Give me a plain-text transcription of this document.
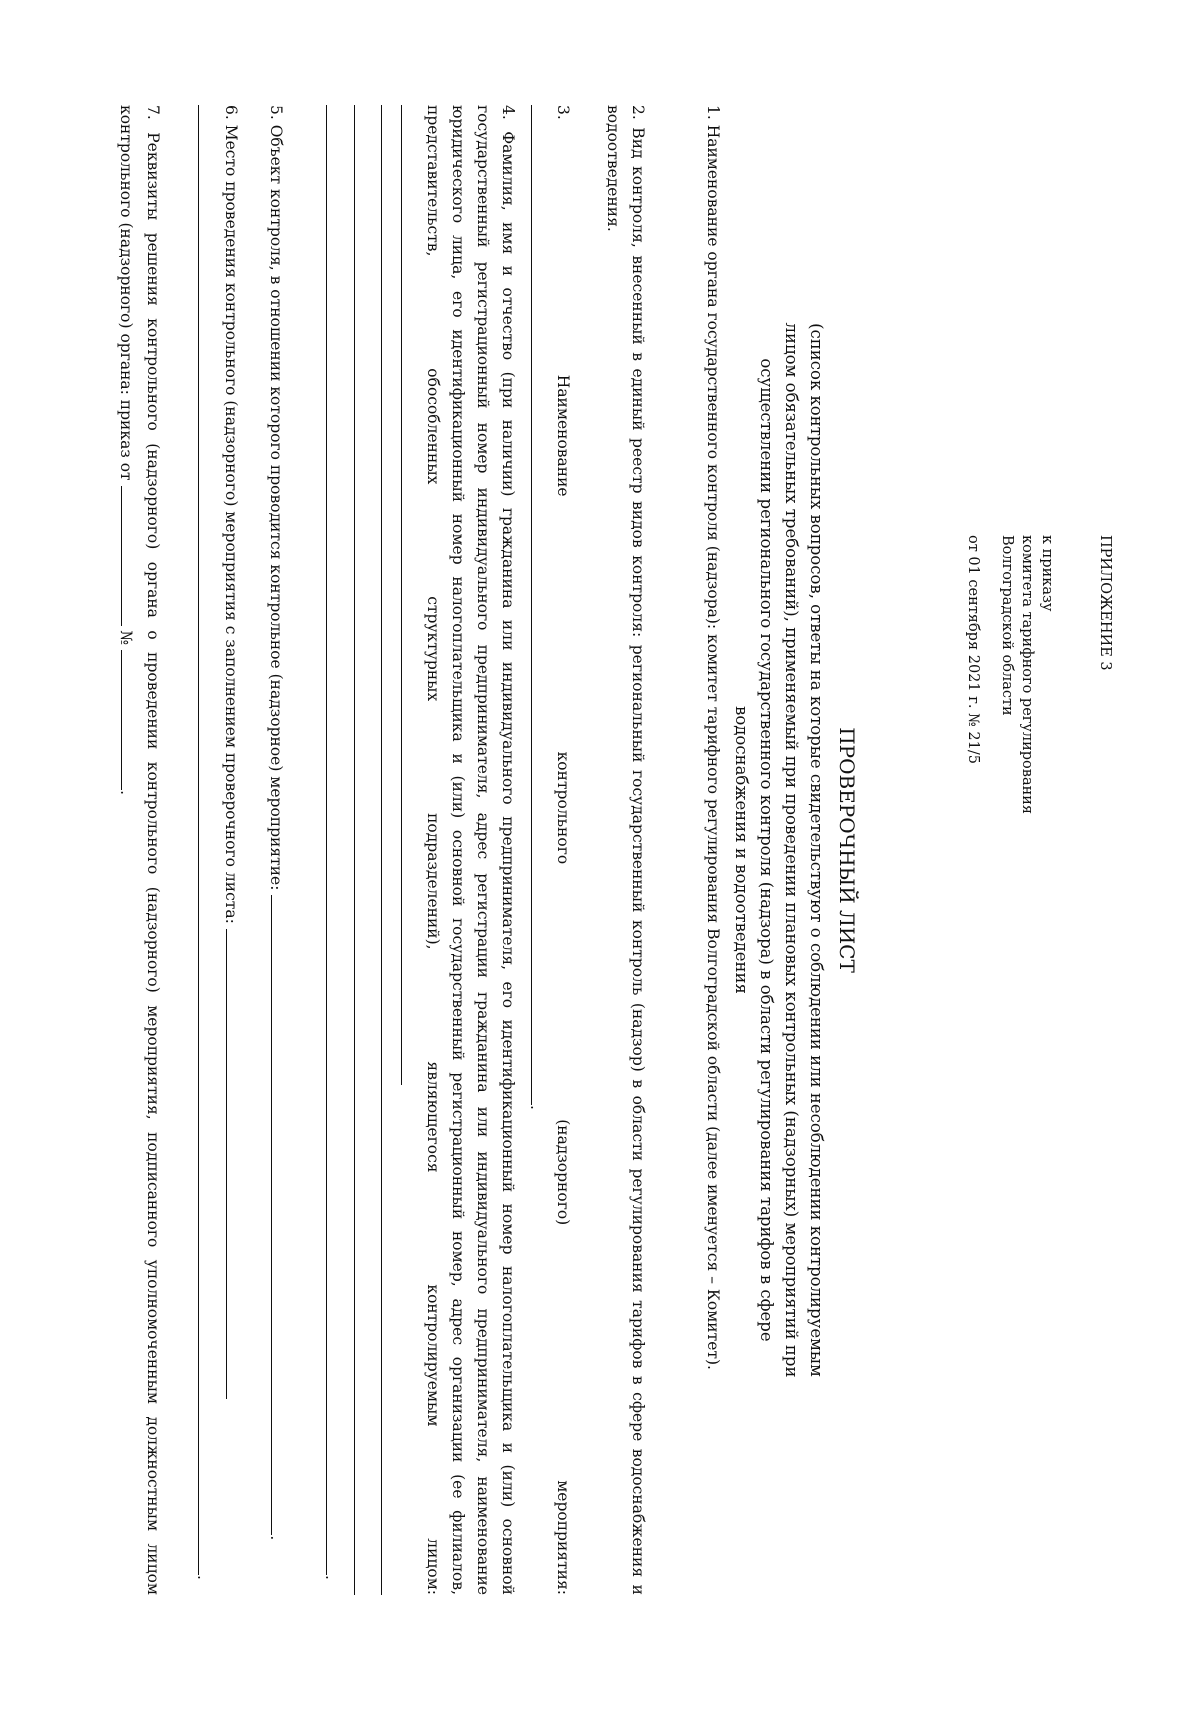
ПРИЛОЖЕНИЕ 3

к приказу

комитета тарифного регулирования

Волгоградской области

от 01 сентября 2021 г. № 21/5

ПРОВЕРОЧНЫЙ ЛИСТ
(список контрольных вопросов, ответы на которые свидетельствуют о соблюдении или несоблюдении контролируемым лицом обязательных требований), применяемый при проведении плановых контрольных (надзорных) мероприятий при осуществлении регионального государственного контроля (надзора) в области регулирования тарифов в сфере водоснабжения и водоотведения
1. Наименование органа государственного контроля (надзора): комитет тарифного регулирования Волгоградской области (далее именуется – Комитет).
2. Вид контроля, внесенный в единый реестр видов контроля: региональный государственный контроль (надзор) в области регулирования тарифов в сфере водоснабжения и водоотведения.
3. Наименование контрольного (надзорного) мероприятия: .
4. Фамилия, имя и отчество (при наличии) гражданина или индивидуального предпринимателя, его идентификационный номер налогоплательщика и (или) основной государственный регистрационный номер индивидуального предпринимателя, адрес регистрации гражданина или индивидуального предпринимателя, наименование юридического лица, его идентификационный номер налогоплательщика и (или) основной государственный регистрационный номер, адрес организации (ее филиалов, представительств, обособленных структурных подразделений), являющегося контролируемым лицом:
.
5. Объект контроля, в отношении которого проводится контрольное (надзорное) мероприятие: .
6. Место проведения контрольного (надзорного) мероприятия с заполнением проверочного листа:
.
7. Реквизиты решения контрольного (надзорного) органа о проведении контрольного (надзорного) мероприятия, подписанного уполномоченным должностным лицом контрольного (надзорного) органа: приказ от  № .
